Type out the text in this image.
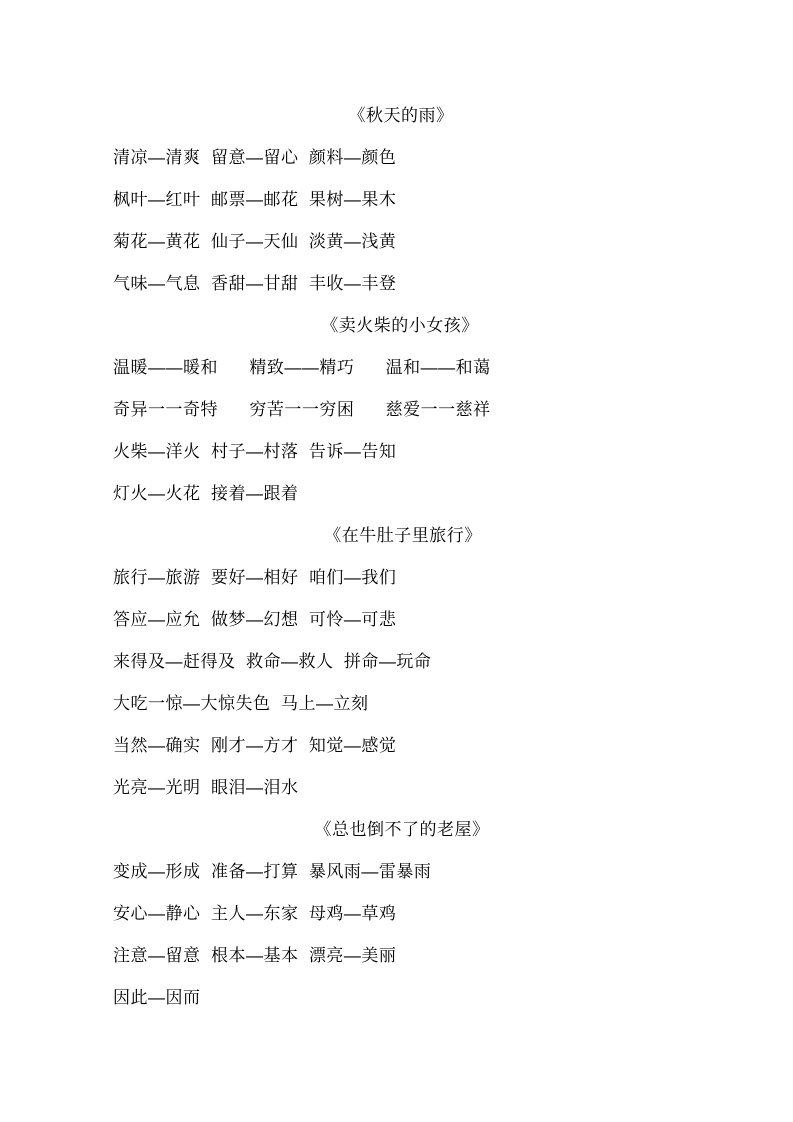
《秋天的雨》
清凉—清爽  留意—留心  颜料—颜色
枫叶—红叶  邮票—邮花  果树—果木
菊花—黄花  仙子—天仙  淡黄—浅黄
气味—气息  香甜—甘甜  丰收—丰登
《卖火柴的小女孩》
温暖——暖和      精致——精巧      温和——和蔼
奇异一一奇特      穷苦一一穷困      慈爱一一慈祥
火柴—洋火  村子—村落  告诉—告知
灯火—火花  接着—跟着
《在牛肚子里旅行》
旅行—旅游  要好—相好  咱们—我们
答应—应允  做梦—幻想  可怜—可悲
来得及—赶得及  救命—救人  拼命—玩命
大吃一惊—大惊失色  马上—立刻
当然—确实  刚才—方才  知觉—感觉
光亮—光明  眼泪—泪水
《总也倒不了的老屋》
变成—形成  准备—打算  暴风雨—雷暴雨
安心—静心  主人—东家  母鸡—草鸡
注意—留意  根本—基本  漂亮—美丽
因此—因而
